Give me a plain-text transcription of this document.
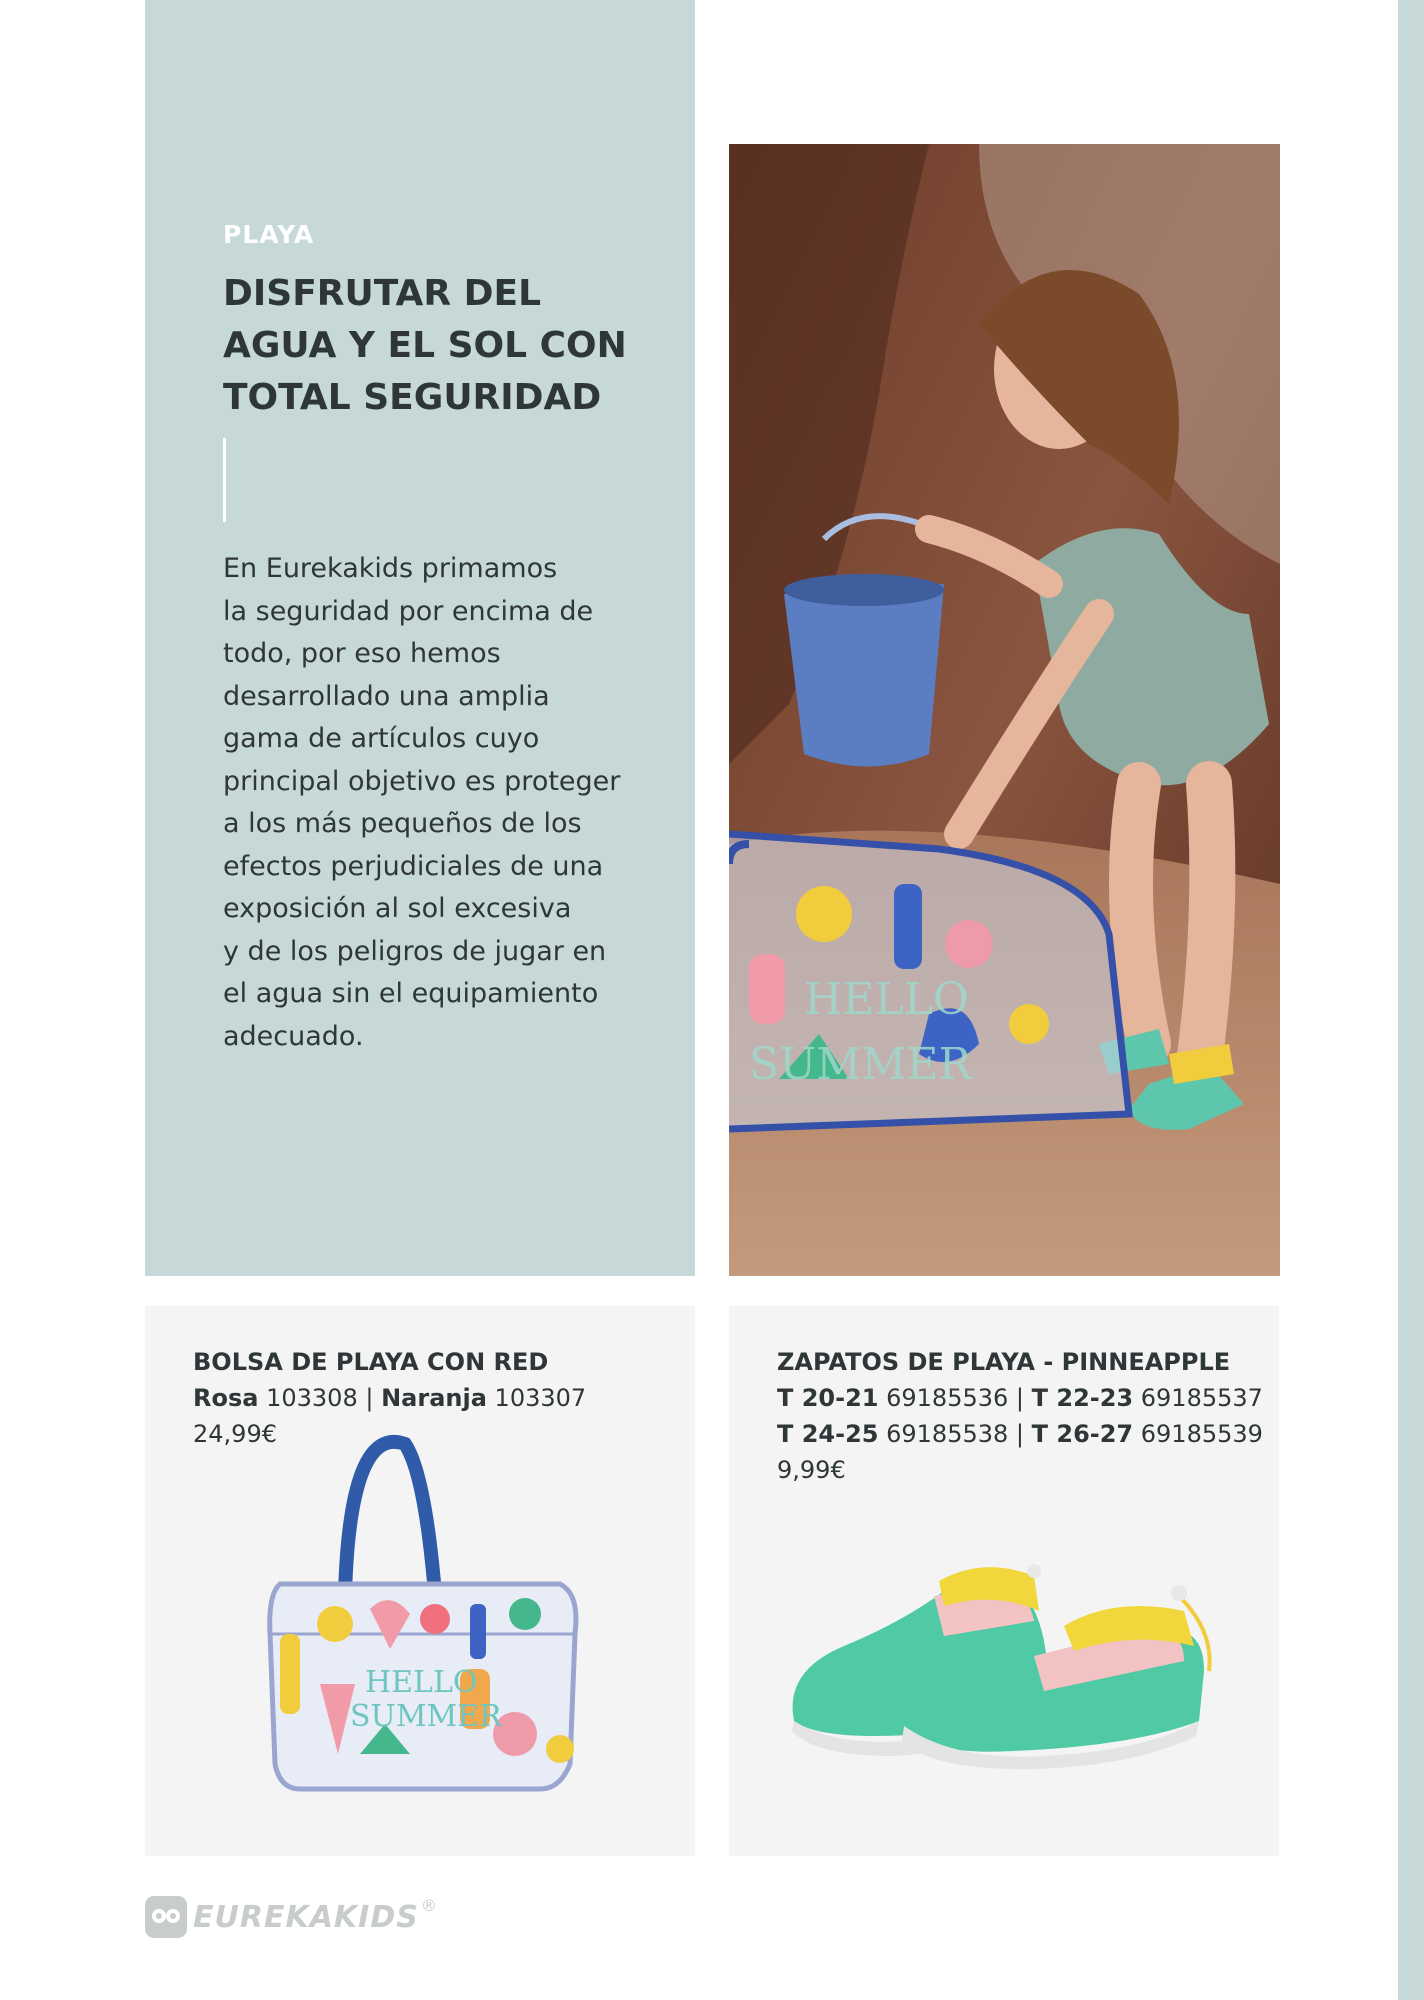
PLAYA
DISFRUTAR DEL
AGUA Y EL SOL CON
TOTAL SEGURIDAD
En Eurekakids primamos
la seguridad por encima de
todo, por eso hemos
desarrollado una amplia
gama de artículos cuyo
principal objetivo es proteger
a los más pequeños de los
efectos perjudiciales de una
exposición al sol excesiva
y de los peligros de jugar en
el agua sin el equipamiento
adecuado.
HELLO
SUMMER
BOLSA DE PLAYA CON RED
Rosa 103308 | Naranja 103307
24,99€
HELLO
SUMMER
ZAPATOS DE PLAYA - PINNEAPPLE
T 20-21 69185536 | T 22-23 69185537
T 24-25 69185538 | T 26-27 69185539
9,99€
EUREKAKIDS ®
